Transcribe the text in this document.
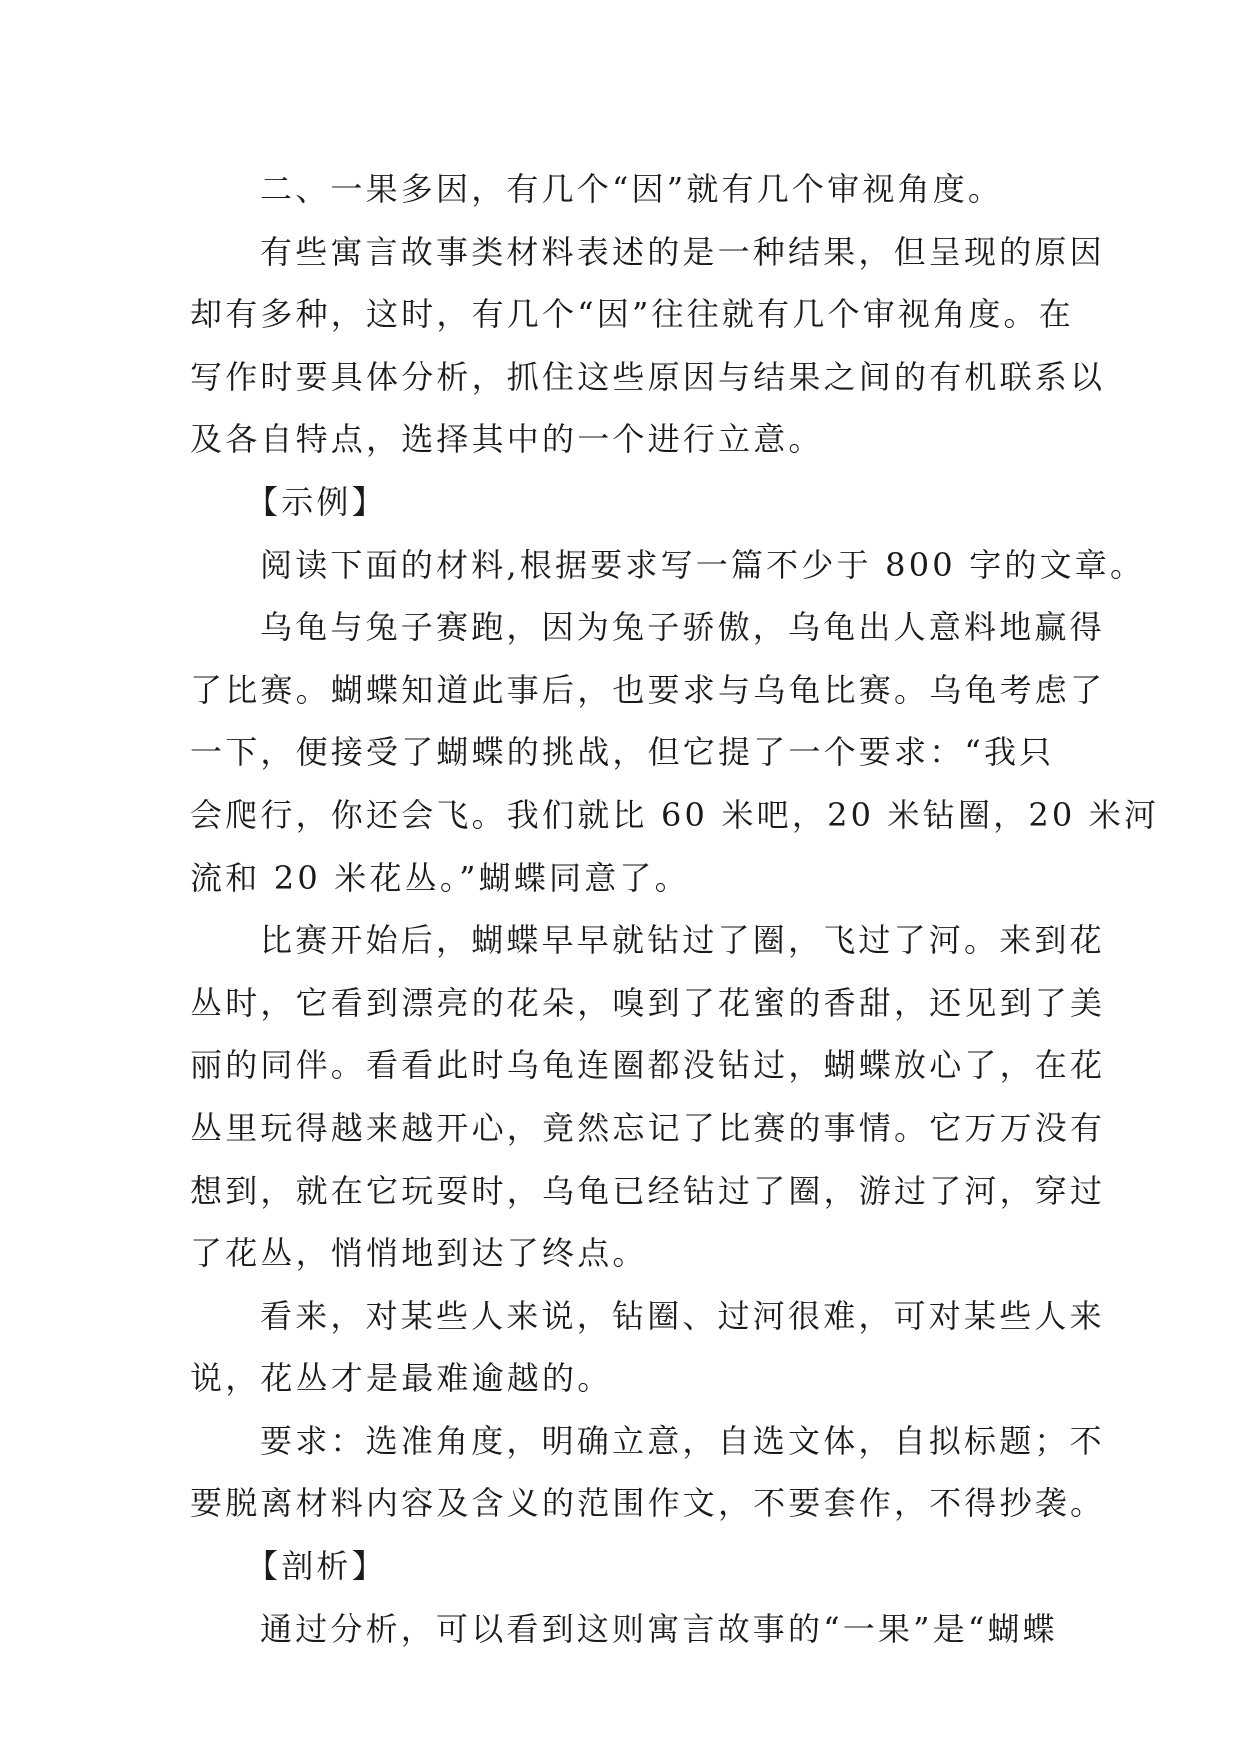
二、一果多因，有几个“因”就有几个审视角度。
有些寓言故事类材料表述的是一种结果，但呈现的原因
却有多种，这时，有几个“因”往往就有几个审视角度。在
写作时要具体分析，抓住这些原因与结果之间的有机联系以
及各自特点，选择其中的一个进行立意。
【示例】
阅读下面的材料,根据要求写一篇不少于 800 字的文章。
乌龟与兔子赛跑，因为兔子骄傲，乌龟出人意料地赢得
了比赛。蝴蝶知道此事后，也要求与乌龟比赛。乌龟考虑了
一下，便接受了蝴蝶的挑战，但它提了一个要求：“我只
会爬行，你还会飞。我们就比 60 米吧，20 米钻圈，20 米河
流和 20 米花丛。”蝴蝶同意了。
比赛开始后，蝴蝶早早就钻过了圈，飞过了河。来到花
丛时，它看到漂亮的花朵，嗅到了花蜜的香甜，还见到了美
丽的同伴。看看此时乌龟连圈都没钻过，蝴蝶放心了，在花
丛里玩得越来越开心，竟然忘记了比赛的事情。它万万没有
想到，就在它玩耍时，乌龟已经钻过了圈，游过了河，穿过
了花丛，悄悄地到达了终点。
看来，对某些人来说，钻圈、过河很难，可对某些人来
说，花丛才是最难逾越的。
要求：选准角度，明确立意，自选文体，自拟标题；不
要脱离材料内容及含义的范围作文，不要套作，不得抄袭。
【剖析】
通过分析，可以看到这则寓言故事的“一果”是“蝴蝶
